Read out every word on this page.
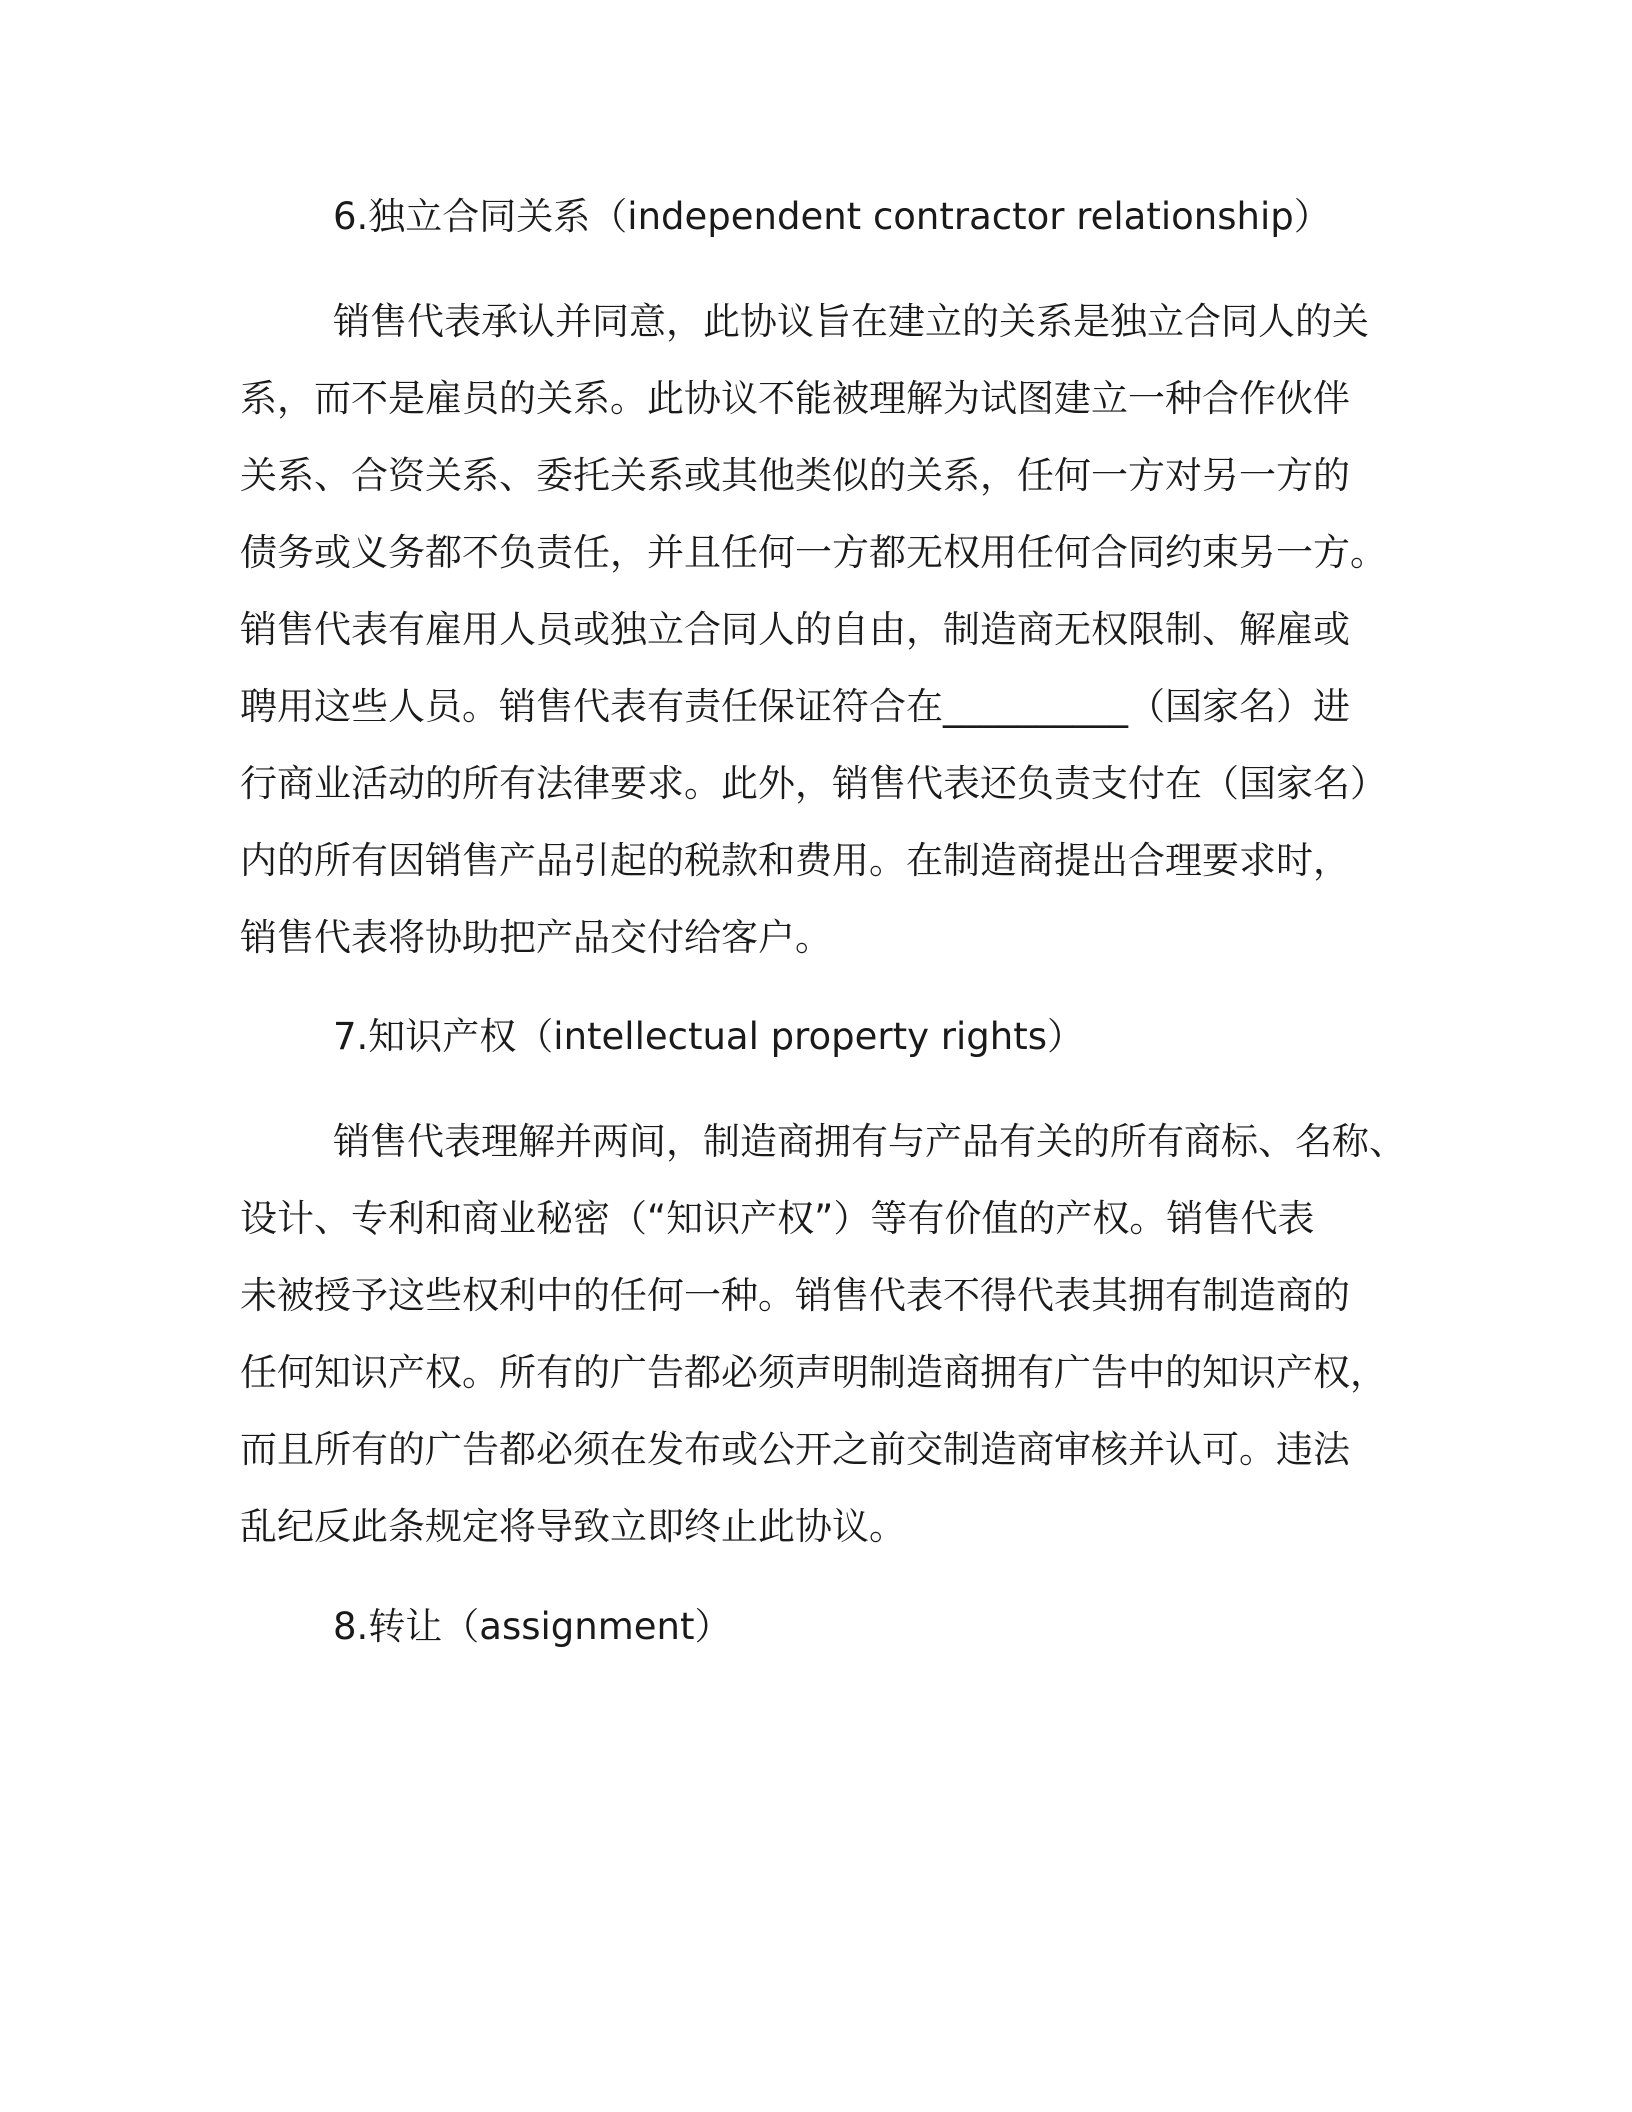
6.独立合同关系（independent contractor relationship）
销售代表承认并同意，此协议旨在建立的关系是独立合同人的关
系，而不是雇员的关系。此协议不能被理解为试图建立一种合作伙伴
关系、合资关系、委托关系或其他类似的关系，任何一方对另一方的
债务或义务都不负责任，并且任何一方都无权用任何合同约束另一方。
销售代表有雇用人员或独立合同人的自由，制造商无权限制、解雇或
聘用这些人员。销售代表有责任保证符合在__________（国家名）进
行商业活动的所有法律要求。此外，销售代表还负责支付在（国家名）
内的所有因销售产品引起的税款和费用。在制造商提出合理要求时，
销售代表将协助把产品交付给客户。
7.知识产权（intellectual property rights）
销售代表理解并两间，制造商拥有与产品有关的所有商标、名称、
设计、专利和商业秘密（“知识产权”）等有价值的产权。销售代表
未被授予这些权利中的任何一种。销售代表不得代表其拥有制造商的
任何知识产权。所有的广告都必须声明制造商拥有广告中的知识产权，
而且所有的广告都必须在发布或公开之前交制造商审核并认可。违法
乱纪反此条规定将导致立即终止此协议。
8.转让（assignment）
